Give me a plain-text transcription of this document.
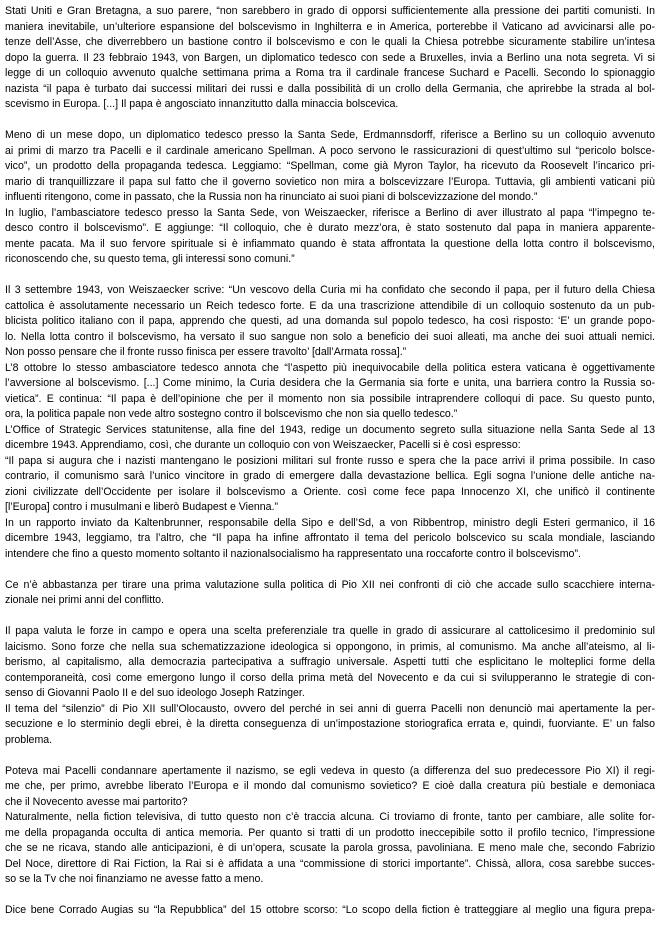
Stati Uniti e Gran Bretagna, a suo parere, “non sarebbero in grado di opporsi sufficientemente alla pressione dei partiti comunisti. In
maniera inevitabile, un’ulteriore espansione del bolscevismo in Inghilterra e in America, porterebbe il Vaticano ad avvicinarsi alle po-
tenze dell’Asse, che diverrebbero un bastione contro il bolscevismo e con le quali la Chiesa potrebbe sicuramente stabilire un’intesa
dopo la guerra. Il 23 febbraio 1943, von Bargen, un diplomatico tedesco con sede a Bruxelles, invia a Berlino una nota segreta. Vi si
legge di un colloquio avvenuto qualche settimana prima a Roma tra il cardinale francese Suchard e Pacelli. Secondo lo spionaggio
nazista “il papa è turbato dai successi militari dei russi e dalla possibilità di un crollo della Germania, che aprirebbe la strada al bol-
scevismo in Europa. [...] Il papa è angosciato innanzitutto dalla minaccia bolscevica.
Meno di un mese dopo, un diplomatico tedesco presso la Santa Sede, Erdmannsdorff, riferisce a Berlino su un colloquio avvenuto
ai primi di marzo tra Pacelli e il cardinale americano Spellman. A poco servono le rassicurazioni di quest’ultimo sul “pericolo bolsce-
vico”, un prodotto della propaganda tedesca. Leggiamo: “Spellman, come già Myron Taylor, ha ricevuto da Roosevelt l’incarico pri-
mario di tranquillizzare il papa sul fatto che il governo sovietico non mira a bolscevizzare l’Europa. Tuttavia, gli ambienti vaticani più
influenti ritengono, come in passato, che la Russia non ha rinunciato ai suoi piani di bolscevizzazione del mondo.”
In luglio, l’ambasciatore tedesco presso la Santa Sede, von Weiszaecker, riferisce a Berlino di aver illustrato al papa “l’impegno te-
desco contro il bolscevismo”. E aggiunge: “Il colloquio, che è durato mezz’ora, è stato sostenuto dal papa in maniera apparente-
mente pacata. Ma il suo fervore spirituale si è infiammato quando è stata affrontata la questione della lotta contro il bolscevismo,
riconoscendo che, su questo tema, gli interessi sono comuni.”
Il 3 settembre 1943, von Weiszaecker scrive: “Un vescovo della Curia mi ha confidato che secondo il papa, per il futuro della Chiesa
cattolica è assolutamente necessario un Reich tedesco forte. E da una trascrizione attendibile di un colloquio sostenuto da un pub-
blicista politico italiano con il papa, apprendo che questi, ad una domanda sul popolo tedesco, ha così risposto: ‘E’ un grande popo-
lo. Nella lotta contro il bolscevismo, ha versato il suo sangue non solo a beneficio dei suoi alleati, ma anche dei suoi attuali nemici.
Non posso pensare che il fronte russo finisca per essere travolto’ [dall’Armata rossa].”
L’8 ottobre lo stesso ambasciatore tedesco annota che “l’aspetto più inequivocabile della politica estera vaticana è oggettivamente
l’avversione al bolscevismo. [...] Come minimo, la Curia desidera che la Germania sia forte e unita, una barriera contro la Russia so-
vietica”. E continua: “Il papa è dell’opinione che per il momento non sia possibile intraprendere colloqui di pace. Su questo punto,
ora, la politica papale non vede altro sostegno contro il bolscevismo che non sia quello tedesco.”
L’Office of Strategic Services statunitense, alla fine del 1943, redige un documento segreto sulla situazione nella Santa Sede al 13
dicembre 1943. Apprendiamo, così, che durante un colloquio con von Weiszaecker, Pacelli si è così espresso:
“Il papa si augura che i nazisti mantengano le posizioni militari sul fronte russo e spera che la pace arrivi il prima possibile. In caso
contrario, il comunismo sarà l’unico vincitore in grado di emergere dalla devastazione bellica. Egli sogna l’unione delle antiche na-
zioni civilizzate dell’Occidente per isolare il bolscevismo a Oriente. così come fece papa Innocenzo XI, che unificò il continente
[l’Europa] contro i musulmani e liberò Budapest e Vienna.”
In un rapporto inviato da Kaltenbrunner, responsabile della Sipo e dell’Sd, a von Ribbentrop, ministro degli Esteri germanico, il 16
dicembre 1943, leggiamo, tra l’altro, che “Il papa ha infine affrontato il tema del pericolo bolscevico su scala mondiale, lasciando
intendere che fino a questo momento soltanto il nazionalsocialismo ha rappresentato una roccaforte contro il bolscevismo”.
Ce n’è abbastanza per tirare una prima valutazione sulla politica di Pio XII nei confronti di ciò che accade sullo scacchiere interna-
zionale nei primi anni del conflitto.
Il papa valuta le forze in campo e opera una scelta preferenziale tra quelle in grado di assicurare al cattolicesimo il predominio sul
laicismo. Sono forze che nella sua schematizzazione ideologica si oppongono, in primis, al comunismo. Ma anche all’ateismo, al li-
berismo, al capitalismo, alla democrazia partecipativa a suffragio universale. Aspetti tutti che esplicitano le molteplici forme della
contemporaneità, così come emergono lungo il corso della prima metà del Novecento e da cui si svilupperanno le strategie di con-
senso di Giovanni Paolo II e del suo ideologo Joseph Ratzinger.
Il tema del “silenzio” di Pio XII sull’Olocausto, ovvero del perché in sei anni di guerra Pacelli non denunciò mai apertamente la per-
secuzione e lo sterminio degli ebrei, è la diretta conseguenza di un’impostazione storiografica errata e, quindi, fuorviante. E’ un falso
problema.
Poteva mai Pacelli condannare apertamente il nazismo, se egli vedeva in questo (a differenza del suo predecessore Pio XI) il regi-
me che, per primo, avrebbe liberato l’Europa e il mondo dal comunismo sovietico? E cioè dalla creatura più bestiale e demoniaca
che il Novecento avesse mai partorito?
Naturalmente, nella fiction televisiva, di tutto questo non c’è traccia alcuna. Ci troviamo di fronte, tanto per cambiare, alle solite for-
me della propaganda occulta di antica memoria. Per quanto si tratti di un prodotto ineccepibile sotto il profilo tecnico, l’impressione
che se ne ricava, stando alle anticipazioni, è di un’opera, scusate la parola grossa, pavoliniana. E meno male che, secondo Fabrizio
Del Noce, direttore di Rai Fiction, la Rai si è affidata a una “commissione di storici importante”. Chissà, allora, cosa sarebbe succes-
so se la Tv che noi finanziamo ne avesse fatto a meno.
Dice bene Corrado Augias su “la Repubblica” del 15 ottobre scorso: “Lo scopo della fiction è tratteggiare al meglio una figura prepa-
